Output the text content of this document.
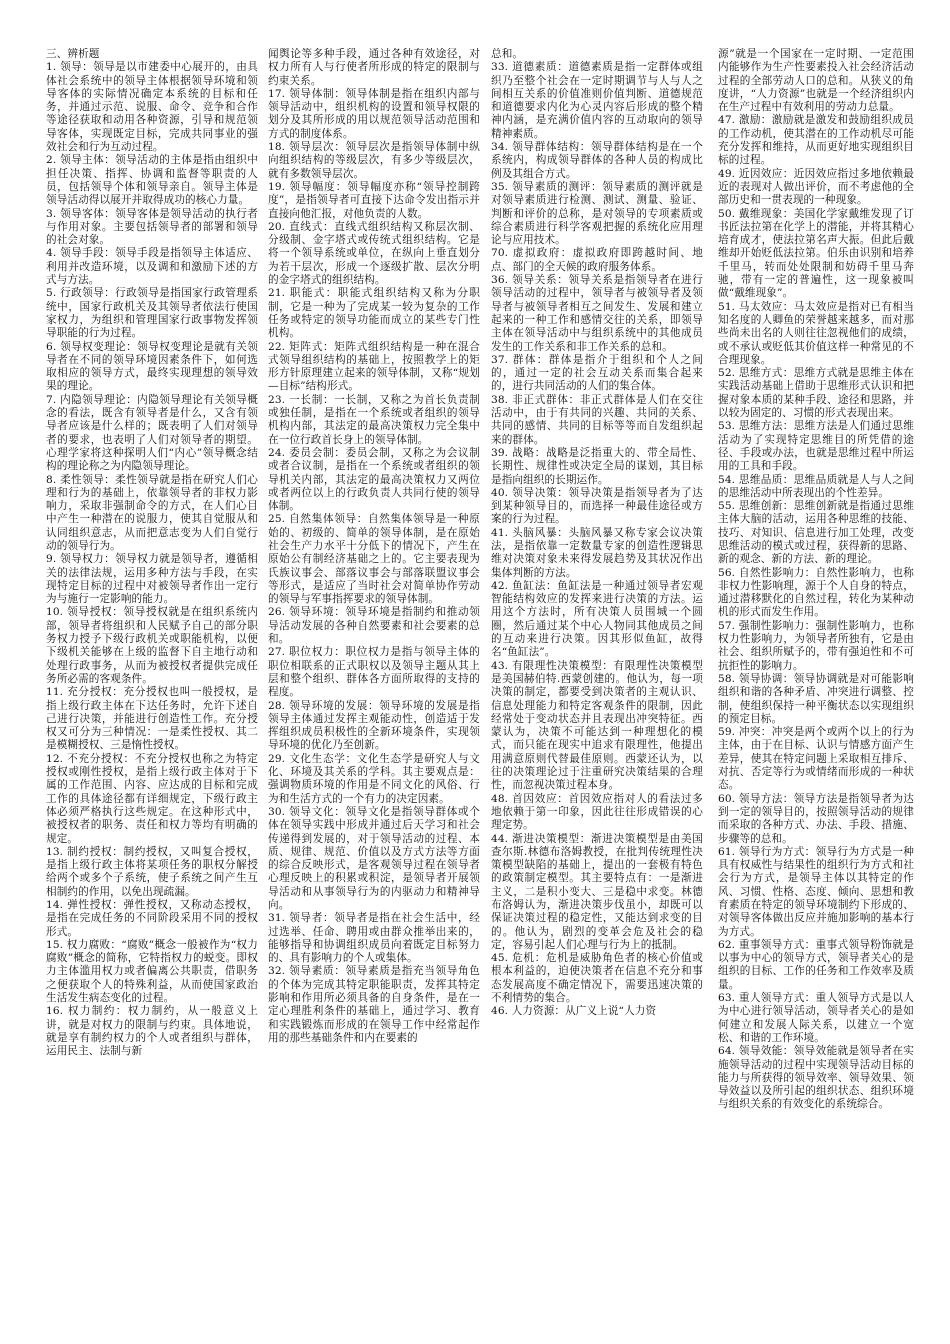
三、辨析题

1. 领导：领导是以市建委中心展开的，由具体社会系统中的领导主体根据领导环境和领导客体的实际情况确定本系统的目标和任务，并通过示范、说服、命令、竞争和合作等途径获取和动用各种资源，引导和规范领导客体，实现既定目标，完成共同事业的强效社会和行为互动过程。

2. 领导主体：领导活动的主体是指由组织中担任决策、指挥、协调和监督等职责的人员，包括领导个体和领导亲自。领导主体是领导活动得以展开并取得成功的核心力量。

3. 领导客体：领导客体是领导活动的执行者与作用对象。主要包括领导者的部署和领导的社会对象。

4. 领导手段：领导手段是指领导主体适应、利用并改造环境，以及调和和激励下述的方式与方法。

5. 行政领导：行政领导是指国家行政管理系统中，国家行政机关及其领导者依法行使国家权力，为组织和管理国家行政事物发挥领导职能的行为过程。

6. 领导权变理论：领导权变理论是就有关领导者在不同的领导环境因素条件下，如何选取相应的领导方式，最终实现理想的领导效果的理论。

7. 内隐领导理论：内隐领导理论有关领导概念的看法，既含有领导者是什么，又含有领导者应该是什么样的；既表明了人们对领导者的要求，也表明了人们对领导者的期望。心理学家将这种探明人们“内心”领导概念结构的理论称之为内隐领导理论。

8. 柔性领导：柔性领导就是指在研究人们心理和行为的基础上，依靠领导者的非权力影响力，采取非强制命令的方式，在人们心目中产生一种潜在的说服力，使其自觉服从和认同组织意志，从而把意志变为人们自觉行动的领导行为。

9. 领导权力：领导权力就是领导者，遵循相关的法律法规，运用多种方法与手段，在实现特定目标的过程中对被领导者作出一定行为与施行一定影响的能力。

10. 领导授权：领导授权就是在组织系统内部，领导者将组织和人民赋予自己的部分职务权力授予下级行政机关或职能机构，以便下级机关能够在上级的监督下自主地行动和处理行政事务，从而为被授权者提供完成任务所必需的客观条件。

11. 充分授权：充分授权也叫一般授权，是指上级行政主体在下达任务时，允许下述自己进行决策，并能进行创造性工作。充分授权又可分为三种情况：一是柔性授权、其二是模糊授权、三是惰性授权。

12. 不充分授权：不充分授权也称之为特定授权或刚性授权，是指上级行政主体对于下属的工作范围、内容、应达成的目标和完成工作的具体途径都有详细规定，下级行政主体必须严格执行这些规定。在这种形式中，被授权者的职务、责任和权力等均有明确的规定。

13. 制约授权：制约授权，又叫复合授权，是指上级行政主体将某项任务的职权分解授给两个或多个子系统，使子系统之间产生互相制约的作用，以免出现疏漏。

14. 弹性授权：弹性授权，又称动态授权，是指在完成任务的不同阶段采用不同的授权形式。

15. 权力腐败：“腐败”概念一般被作为“权力腐败”概念的简称，它特指权力的蜕变。即权力主体滥用权力或者偏离公共职责，借职务之便获取个人的特殊利益，从而使国家政治生活发生病态变化的过程。

16. 权力制约：权力制约，从一般意义上讲，就是对权力的限制与约束。具体地说，就是享有制约权力的个人或者组织与群体，运用民主、法制与新

闻舆论等多种手段，通过各种有效途径，对权力所有人与行使者所形成的特定的限制与约束关系。

17. 领导体制：领导体制是指在组织内部与领导活动中，组织机构的设置和领导权限的划分及其所形成的用以规范领导活动范围和方式的制度体系。

18. 领导层次：领导层次是指领导体制中纵向组织结构的等级层次，有多少等级层次，就有多数领导层次。

19. 领导幅度：领导幅度亦称“领导控制跨度”，是指领导者可直接下达命令发出指示并直接向他汇报，对他负责的人数。

20. 直线式：直线式组织结构又称层次制、分级制、金字塔式或传统式组织结构。它是将一个领导系统或单位，在纵向上垂直划分为若干层次，形成一个逐级扩散、层次分明的金字塔式的组织结构。

21. 职能式：职能式组织结构又称为分职制，它是一种为了完成某一较为复杂的工作任务或特定的领导功能而成立的某些专门性机构。

22. 矩阵式：矩阵式组织结构是一种在混合式领导组织结构的基础上，按照教学上的矩形方针原理建立起来的领导体制，又称“规划—目标”结构形式。

23. 一长制：一长制，又称之为首长负责制或独任制，是指在一个系统或者组织的领导机构内部，其法定的最高决策权力完全集中在一位行政首长身上的领导体制。

24. 委员会制：委员会制，又称之为会议制或者合议制，是指在一个系统或者组织的领导机关内部，其法定的最高决策权力又两位或者两位以上的行政负责人共同行使的领导体制。

25. 自然集体领导：自然集体领导是一种原始的、初级的、简单的领导体制，是在原始社会生产力水平十分低下的情况下，产生在原始公有制经济基础之上的。它主要表现为氏族议事会、部落议事会与部落联盟议事会等形式，是适应了当时社会对简单协作劳动的领导与军事指挥要求的领导体制。

26. 领导环境：领导环境是指制约和推动领导活动发展的各种自然要素和社会要素的总和。

27. 职位权力：职位权力是指与领导主体的职位相联系的正式职权以及领导主题从其上层和整个组织、群体各方面所取得的支持的程度。

28. 领导环境的发展：领导环境的发展是指领导主体通过发挥主观能动性，创造适于发挥组织成员积极性的全新环境条件，实现领导环境的优化乃至创新。

29. 文化生态学：文化生态学是研究人与文化、环境及其关系的学科。其主要观点是：强调物质环境的作用是不同文化的风俗、行为和生活方式的一个有力的决定因素。

30. 领导文化：领导文化是指领导群体或个体在领导实践中形成并通过后天学习和社会传递得到发展的，对于领导活动的过程、本质、规律、规范、价值以及方式方法等方面的综合反映形式，是客观领导过程在领导者心理反映上的积累或积淀，是领导者开展领导活动和从事领导行为的内驱动力和精神导向。

31. 领导者：领导者是指在社会生活中，经过选举、任命、聘用或由群众推举出来的，能够指导和协调组织成员向着既定目标努力的、具有影响力的个人或集体。

32. 领导素质：领导素质是指充当领导角色的个体为完成其特定职能职责，发挥其特定影响和作用所必须具备的自身条件，是在一定心理胜利条件的基础上，通过学习、教育和实践锻炼而形成的在领导工作中经常起作用的那些基础条件和内在要素的

总和。

33. 道德素质：道德素质是指一定群体或组织乃至整个社会在一定时期调节与人与人之间相互关系的价值准则价值判断、道德规范和道德要求内化为心灵内容后形成的整个精神内涵，是充满价值内容的互动取向的领导精神素质。

34. 领导群体结构：领导群体结构是在一个系统内，构成领导群体的各种人员的构成比例及其组合方式。

35. 领导素质的测评：领导素质的测评就是对领导素质进行检测、测试、测量、验证、判断和评价的总称，是对领导的专项素质或综合素质进行科学客观把握的系统化应用理论与应用技术。

70. 虚拟政府：虚拟政府即跨越时间、地点、部门的全天候的政府服务体系。

36. 领导关系：领导关系是指领导者在进行领导活动的过程中，领导者与被领导者及领导者与被领导者相互之间发生、发展和建立起来的一种工作和感情交往的关系，即领导主体在领导活动中与组织系统中的其他成员发生的工作关系和非工作关系的总和。

37. 群体：群体是指介于组织和个人之间的，通过一定的社会互动关系而集合起来的，进行共同活动的人们的集合体。

38. 非正式群体：非正式群体是人们在交往活动中，由于有共同的兴趣、共同的关系、共同的感情、共同的目标等等而自发组织起来的群体。

39. 战略：战略是泛指重大的、带全局性、长期性、规律性或决定全局的谋划，其目标是指向组织的长期运作。

40. 领导决策：领导决策是指领导者为了达到某种领导目的，而选择一种最佳途径或方案的行为过程。

41. 头脑风暴：头脑风暴又称专家会议决策法，是指依靠一定数量专家的创造性逻辑思维对决策对象未来得发展趋势及其状况作出集体判断的方法。

42. 鱼缸法：鱼缸法是一种通过领导者宏观智能结构效应的发挥来进行决策的方法。运用这个方法时，所有决策人员围城一个圆圈，然后通过某个中心人物同其他成员之间的互动来进行决策。因其形似鱼缸，故得名“鱼缸法”。

43. 有限理性决策模型：有限理性决策模型是美国赫伯特.西蒙创建的。他认为，每一项决策的制定，都要受到决策者的主观认识、信息处理能力和特定客观条件的限制，因此经常处于变动状态并且表现出冲突特征。西蒙认为，决策不可能达到一种理想化的模式，而只能在现实中追求有限理性，他提出用满意原则代替最佳原则。西蒙还认为，以往的决策理论过于注重研究决策结果的合理性，而忽视决策过程本身。

48. 首因效应：首因效应指对人的看法过多地依赖于第一印象，因此往往形成错误的心理定势。

44. 渐进决策模型：渐进决策模型是由美国查尔斯.林德布洛姆教授，在批判传统理性决策模型缺陷的基础上，提出的一套极有特色的政策制定模型。其主要特点有：一是渐进主义，二是积小变大、三是稳中求变。林德布洛姆认为，渐进决策步伐虽小，却既可以保证决策过程的稳定性，又能达到求变的目的。他认为，剧烈的变革会危及社会的稳定，容易引起人们心理与行为上的抵制。

45. 危机：危机是威胁角色者的核心价值或根本利益的，迫使决策者在信息不充分和事态发展高度不确定情况下，需要迅速决策的不利情势的集合。

46. 人力资源：从广义上说“人力资

源”就是一个国家在一定时期、一定范围内能够作为生产性要素投入社会经济活动过程的全部劳动人口的总和。从狭义的角度讲，“人力资源”也就是一个经济组织内在生产过程中有效利用的劳动力总量。

47. 激励：激励就是激发和鼓励组织成员的工作动机，使其潜在的工作动机尽可能充分发挥和维持，从而更好地实现组织目标的过程。

49. 近因效应：近因效应指过多地依赖最近的表现对人做出评价，而不考虑他的全部历史和一贯表现的一种现象。

50. 戴维现象：美国化学家戴维发现了订书匠法拉第在化学上的潜能，并将其精心培育成才，使法拉第名声大振。但此后戴维却开始贬低法拉第。伯乐由识别和培养千里马，转而处处限制和妨碍千里马奔驰，带有一定的普遍性，这一现象被叫做“戴维现象”。

51. 马太效应：马太效应是指对已有相当知名度的人卿鱼的荣誉越来越多，而对那些尚未出名的人则往往忽视他们的成绩，或不承认或贬低其价值这样一种常见的不合理现象。

52. 思维方式：思维方式就是思维主体在实践活动基础上借助于思维形式认识和把握对象本质的某种手段、途径和思路，并以较为固定的、习惯的形式表现出来。

53. 思维方法：思维方法是人们通过思维活动为了实现特定思维目的所凭借的途径、手段或办法，也就是思维过程中所运用的工具和手段。

54. 思维品质：思维品质就是人与人之间的思维活动中所表现出的个性差异。

55. 思维创新：思维创新就是指通过思维主体大脑的活动，运用各种思维的技能、技巧、对知识、信息进行加工处理，改变思维活动的模式或过程，获得新的思路、新的观念、新的方法、新的理论。

56. 自然性影响力：自然性影响力，也称非权力性影响理，源于个人自身的特点，通过潜移默化的自然过程，转化为某种动机的形式而发生作用。

57. 强制性影响力：强制性影响力，也称权力性影响力，为领导者所独有，它是由社会、组织所赋予的，带有强迫性和不可抗拒性的影响力。

58. 领导协调：领导协调就是对可能影响组织和谐的各种矛盾、冲突进行调整、控制，使组织保持一种平衡状态以实现组织的预定目标。

59. 冲突：冲突是两个或两个以上的行为主体，由于在目标、认识与情感方面产生差异，使其在特定问题上采取相互排斥、对抗、否定等行为或情绪而形成的一种状态。

60. 领导方法：领导方法是指领导者为达到一定的领导目的，按照领导活动的规律而采取的各种方式、办法、手段、措施、步骤等的总和。

61. 领导行为方式：领导行为方式是一种具有权威性与结果性的组织行为方式和社会行为方式，是领导主体以其特定的作风、习惯、性格、态度、倾向、思想和教育素质在特定的领导环境制约下形成的、对领导客体做出反应并施加影响的基本行为方式。

62. 重事领导方式：重事式领导粉饰就是以事为中心的领导方式，领导者关心的是组织的目标、工作的任务和工作效率及质量。

63. 重人领导方式：重人领导方式是以人为中心进行领导活动，领导者关心的是如何建立和发展人际关系，以建立一个宽松、和谐的工作环境。

64. 领导效能：领导效能就是领导者在实施领导活动的过程中实现领导活动目标的能力与所获得的领导效率、领导效果、领导效益以及所引起的组织状态、组织环境与组织关系的有效变化的系统综合。
